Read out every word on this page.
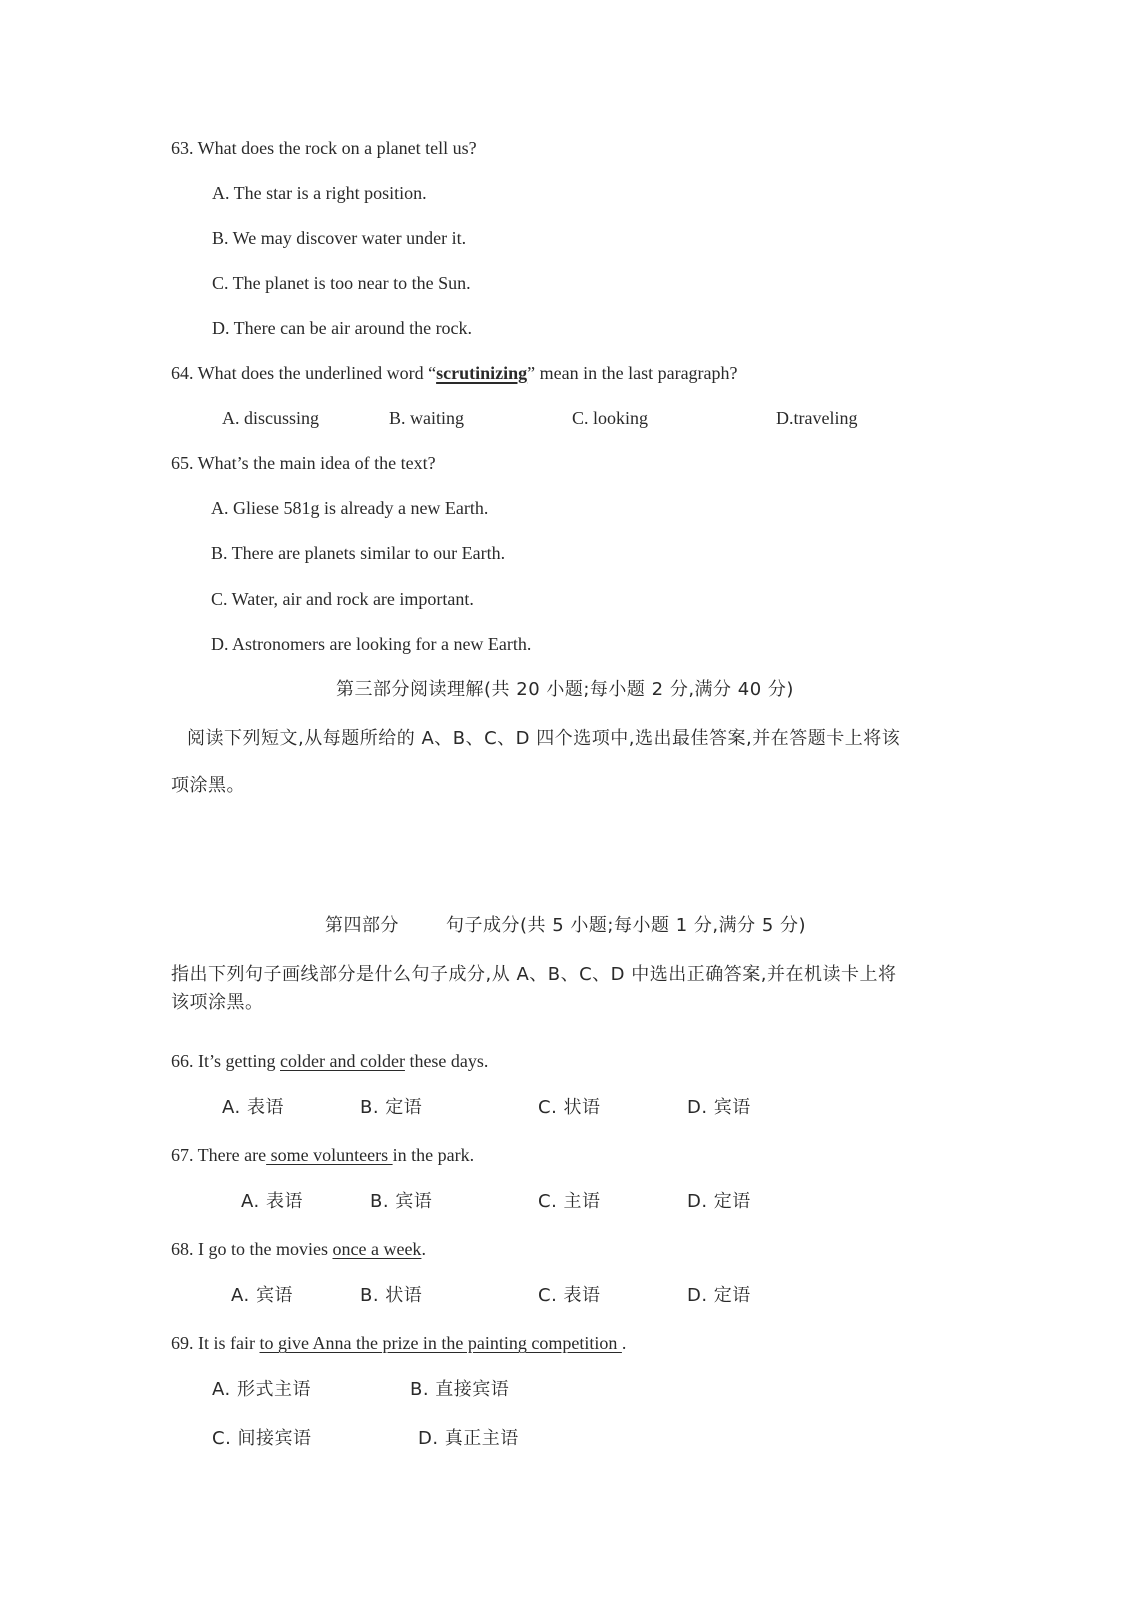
63. What does the rock on a planet tell us?
A. The star is a right position.
B. We may discover water under it.
C. The planet is too near to the Sun.
D. There can be air around the rock.
64. What does the underlined word “scrutinizing” mean in the last paragraph?
A. discussing	B. waiting	C. looking	D.traveling
65. What’s the main idea of the text?
A. Gliese 581g is already a new Earth.
B. There are planets similar to our Earth.
C. Water, air and rock are important.
D. Astronomers are looking for a new Earth.
第三部分阅读理解(共 20 小题;每小题 2 分,满分 40 分)
阅读下列短文,从每题所给的 A、B、C、D 四个选项中,选出最佳答案,并在答题卡上将该
项涂黑。
第四部分	句子成分(共 5 小题;每小题 1 分,满分 5 分)
指出下列句子画线部分是什么句子成分,从 A、B、C、D 中选出正确答案,并在机读卡上将
该项涂黑。
66. It’s getting colder and colder these days.
A. 表语	B. 定语	C. 状语	D. 宾语
67. There are some volunteers in the park.
A. 表语	B. 宾语	C. 主语	D. 定语
68. I go to the movies once a week.
A. 宾语	B. 状语	C. 表语	D. 定语
69. It is fair to give Anna the prize in the painting competition .
A. 形式主语	B. 直接宾语
C. 间接宾语	D. 真正主语
